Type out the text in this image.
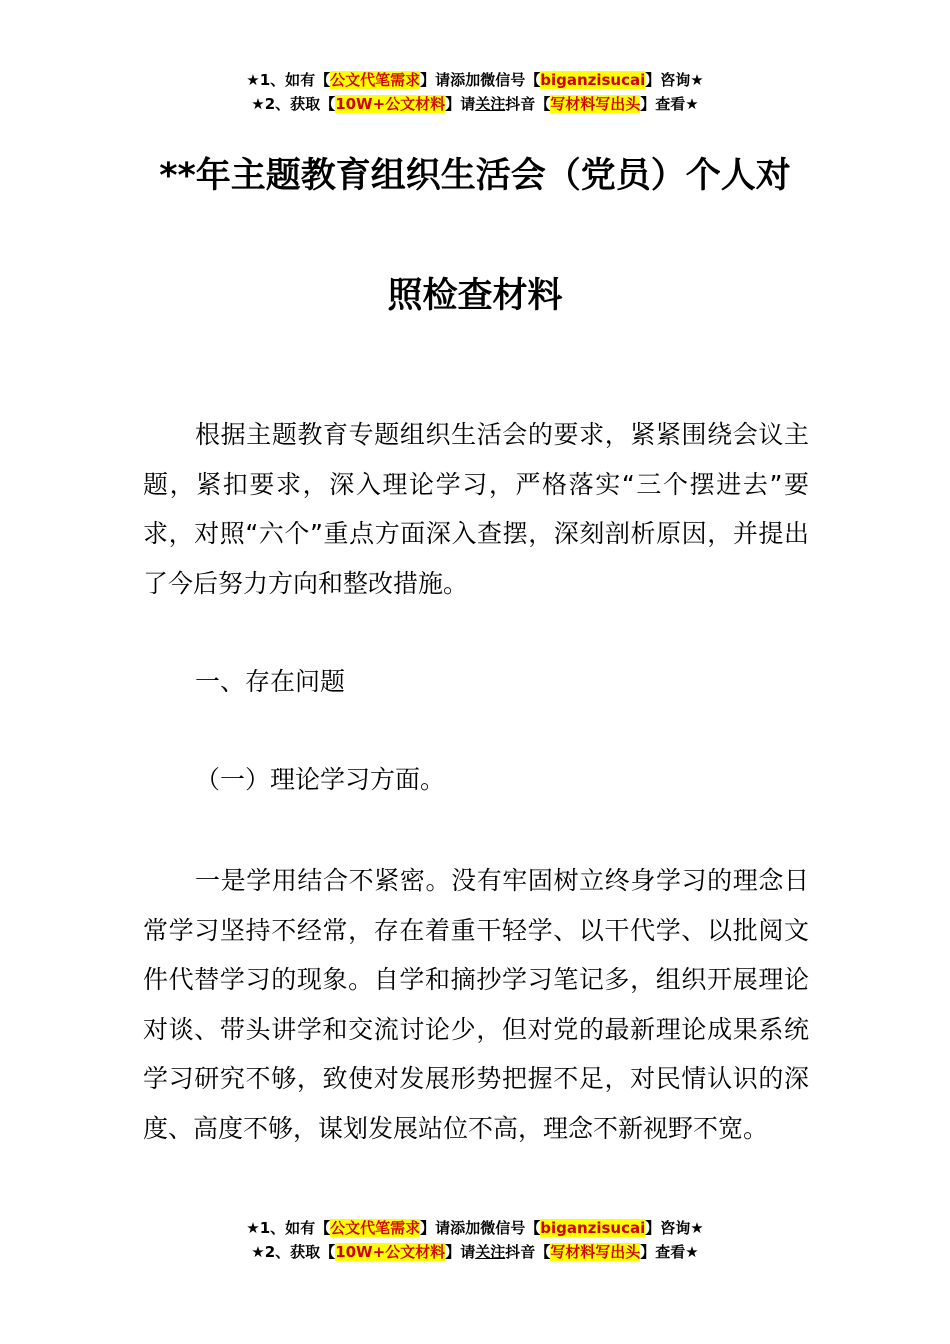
★1、如有【公文代笔需求】请添加微信号【biganzisucai】咨询★
★2、获取【10W+公文材料】请关注抖音【写材料写出头】查看★
**年主题教育组织生活会（党员）个人对
照检查材料

根据主题教育专题组织生活会的要求，紧紧围绕会议主题，紧扣要求，深入理论学习，严格落实“三个摆进去”要求，对照“六个”重点方面深入查摆，深刻剖析原因，并提出了今后努力方向和整改措施。

一、存在问题

（一）理论学习方面。

一是学用结合不紧密。没有牢固树立终身学习的理念日常学习坚持不经常，存在着重干轻学、以干代学、以批阅文件代替学习的现象。自学和摘抄学习笔记多，组织开展理论对谈、带头讲学和交流讨论少，但对党的最新理论成果系统学习研究不够，致使对发展形势把握不足，对民情认识的深度、高度不够，谋划发展站位不高，理念不新视野不宽。

★1、如有【公文代笔需求】请添加微信号【biganzisucai】咨询★
★2、获取【10W+公文材料】请关注抖音【写材料写出头】查看★
